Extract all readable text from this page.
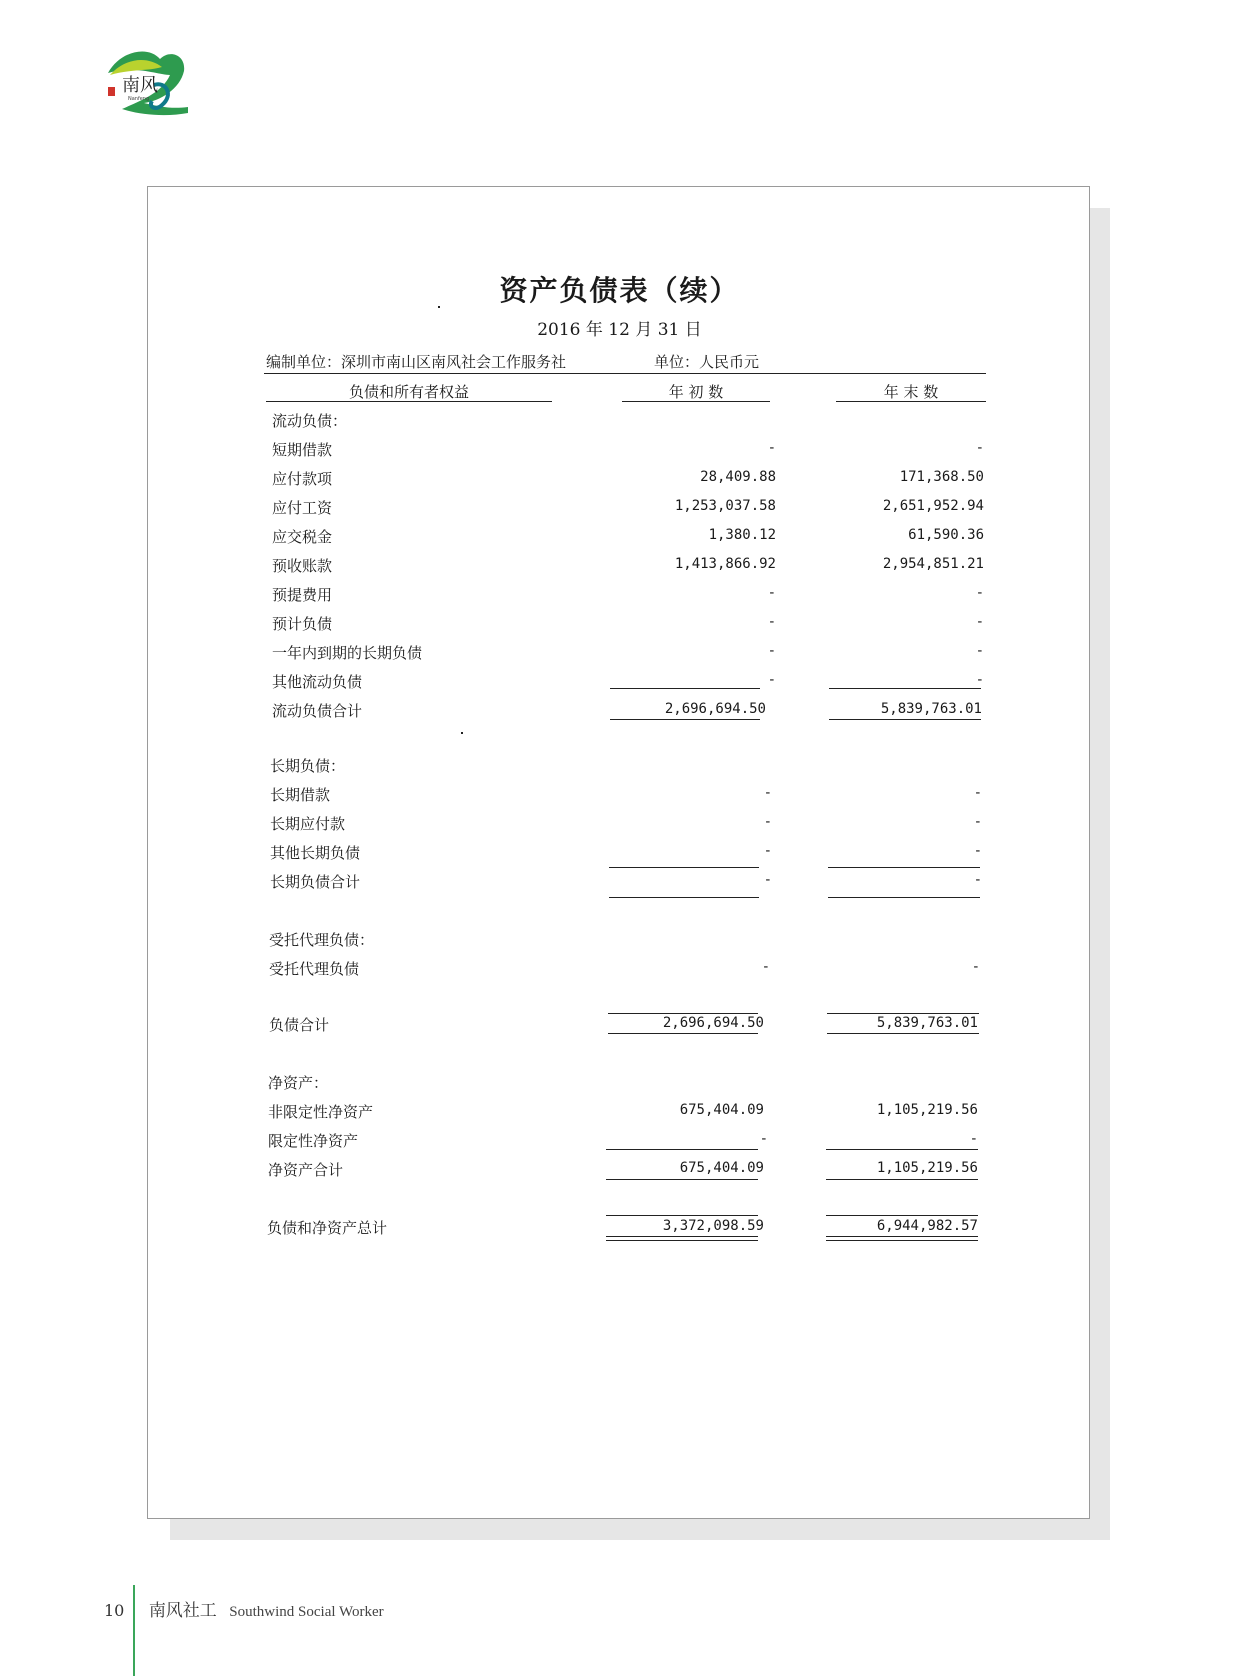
南风
Nanfeng
资产负债表（续）
2016 年 12 月 31 日
编制单位：深圳市南山区南风社会工作服务社	单位：人民币元
负债和所有者权益	年 初 数	年 末 数
流动负债：
短期借款	-	-
应付款项	28,409.88	171,368.50
应付工资	1,253,037.58	2,651,952.94
应交税金	1,380.12	61,590.36
预收账款	1,413,866.92	2,954,851.21
预提费用	-	-
预计负债	-	-
一年内到期的长期负债	-	-
其他流动负债	-	-
流动负债合计	2,696,694.50	5,839,763.01
长期负债：
长期借款	-	-
长期应付款	-	-
其他长期负债	-	-
长期负债合计	-	-
受托代理负债：
受托代理负债	-	-
负债合计	2,696,694.50	5,839,763.01
净资产：
非限定性净资产	675,404.09	1,105,219.56
限定性净资产	-	-
净资产合计	675,404.09	1,105,219.56
负债和净资产总计	3,372,098.59	6,944,982.57
10 南风社工 Southwind Social Worker
